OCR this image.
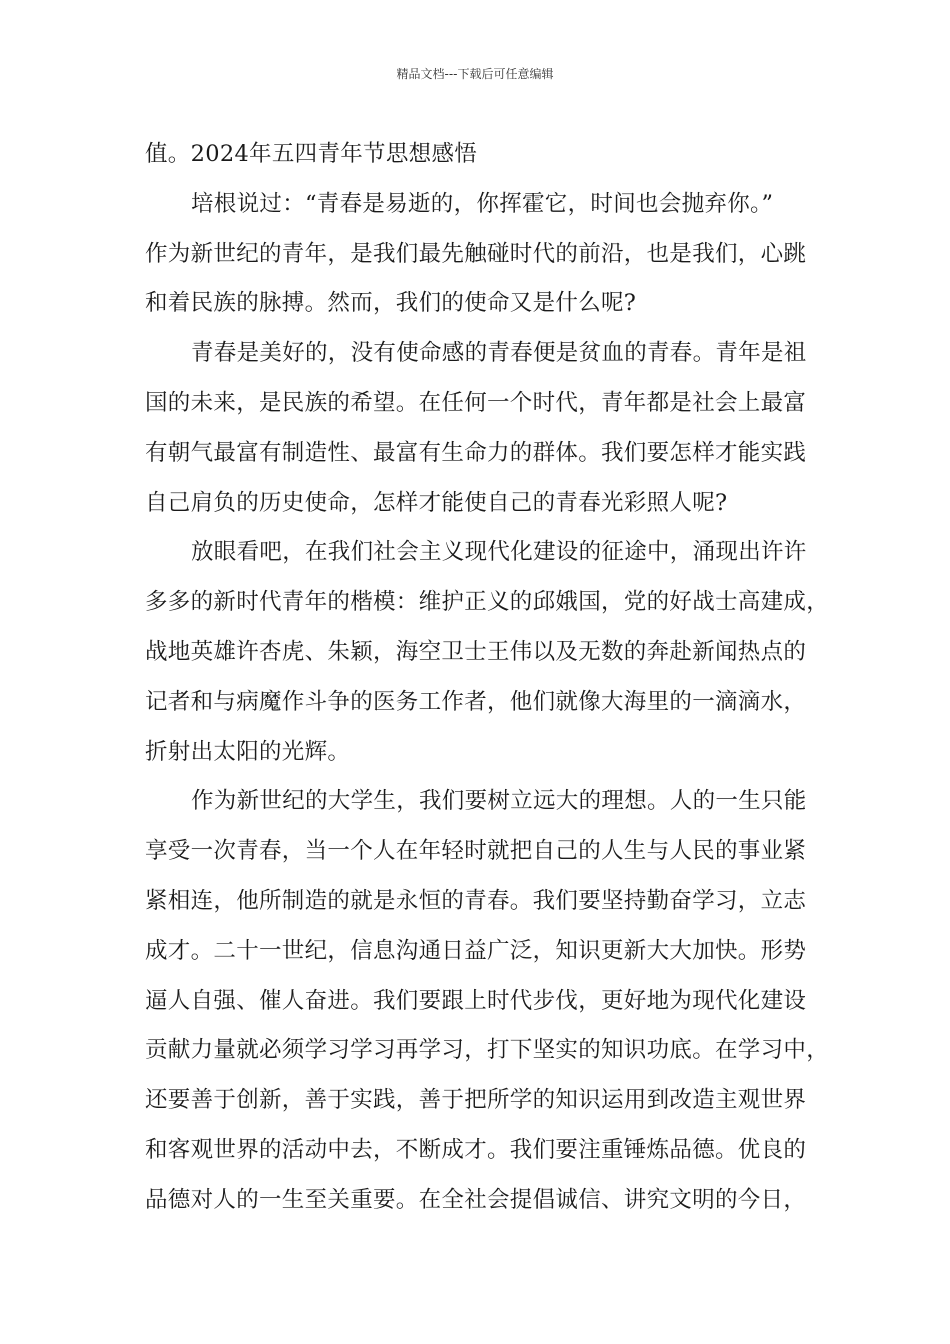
精品文档---下载后可任意编辑
值。2024年五四青年节思想感悟
培根说过：“青春是易逝的，你挥霍它，时间也会抛弃你。”
作为新世纪的青年，是我们最先触碰时代的前沿，也是我们，心跳
和着民族的脉搏。然而，我们的使命又是什么呢?
青春是美好的，没有使命感的青春便是贫血的青春。青年是祖
国的未来，是民族的希望。在任何一个时代，青年都是社会上最富
有朝气最富有制造性、最富有生命力的群体。我们要怎样才能实践
自己肩负的历史使命，怎样才能使自己的青春光彩照人呢?
放眼看吧，在我们社会主义现代化建设的征途中，涌现出许许
多多的新时代青年的楷模：维护正义的邱娥国，党的好战士高建成，
战地英雄许杏虎、朱颖，海空卫士王伟以及无数的奔赴新闻热点的
记者和与病魔作斗争的医务工作者，他们就像大海里的一滴滴水，
折射出太阳的光辉。
作为新世纪的大学生，我们要树立远大的理想。人的一生只能
享受一次青春，当一个人在年轻时就把自己的人生与人民的事业紧
紧相连，他所制造的就是永恒的青春。我们要坚持勤奋学习，立志
成才。二十一世纪，信息沟通日益广泛，知识更新大大加快。形势
逼人自强、催人奋进。我们要跟上时代步伐，更好地为现代化建设
贡献力量就必须学习学习再学习，打下坚实的知识功底。在学习中，
还要善于创新，善于实践，善于把所学的知识运用到改造主观世界
和客观世界的活动中去，不断成才。我们要注重锤炼品德。优良的
品德对人的一生至关重要。在全社会提倡诚信、讲究文明的今日，
